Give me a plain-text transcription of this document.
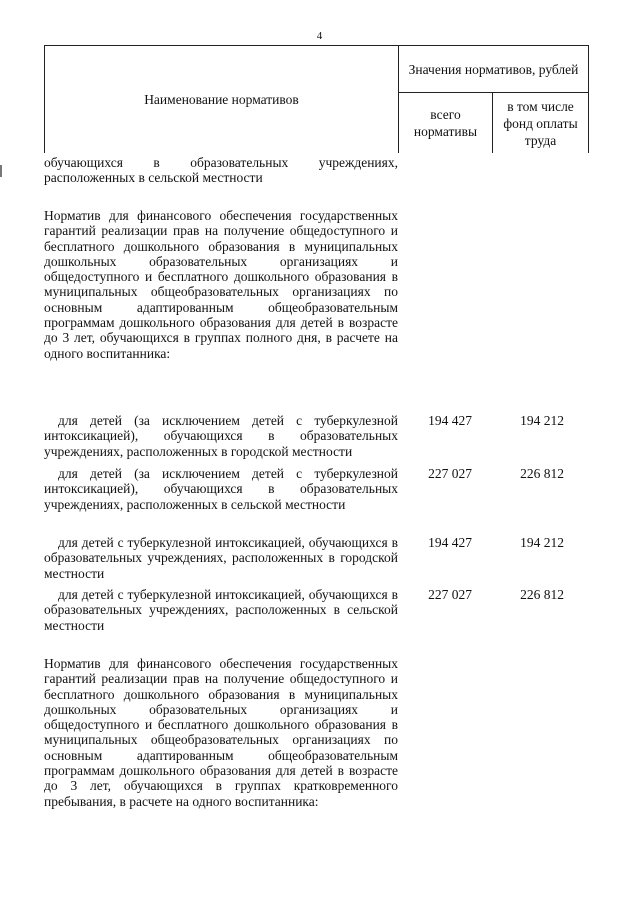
4
Наименование нормативов
Значения нормативов, рублей
всего нормативы
в том числе фонд оплаты труда
обучающихся в образовательных учреждениях, расположенных в сельской местности
Норматив для финансового обеспечения государственных гарантий реализации прав на получение общедоступного и бесплатного дошкольного образования в муниципальных дошкольных образовательных организациях и общедоступного и бесплатного дошкольного образования в муниципальных общеобразовательных организациях по основным адаптированным общеобразовательным программам дошкольного образования для детей в возрасте до 3 лет, обучающихся в группах полного дня, в расчете на одного воспитанника:
для детей (за исключением детей с туберкулезной интоксикацией), обучающихся в образовательных учреждениях, расположенных в городской местности
194 427	194 212
для детей (за исключением детей с туберкулезной интоксикацией), обучающихся в образовательных учреждениях, расположенных в сельской местности
227 027	226 812
для детей с туберкулезной интоксикацией, обучающихся в образовательных учреждениях, расположенных в городской местности
194 427	194 212
для детей с туберкулезной интоксикацией, обучающихся в образовательных учреждениях, расположенных в сельской местности
227 027	226 812
Норматив для финансового обеспечения государственных гарантий реализации прав на получение общедоступного и бесплатного дошкольного образования в муниципальных дошкольных образовательных организациях и общедоступного и бесплатного дошкольного образования в муниципальных общеобразовательных организациях по основным адаптированным общеобразовательным программам дошкольного образования для детей в возрасте до 3 лет, обучающихся в группах кратковременного пребывания, в расчете на одного воспитанника:
